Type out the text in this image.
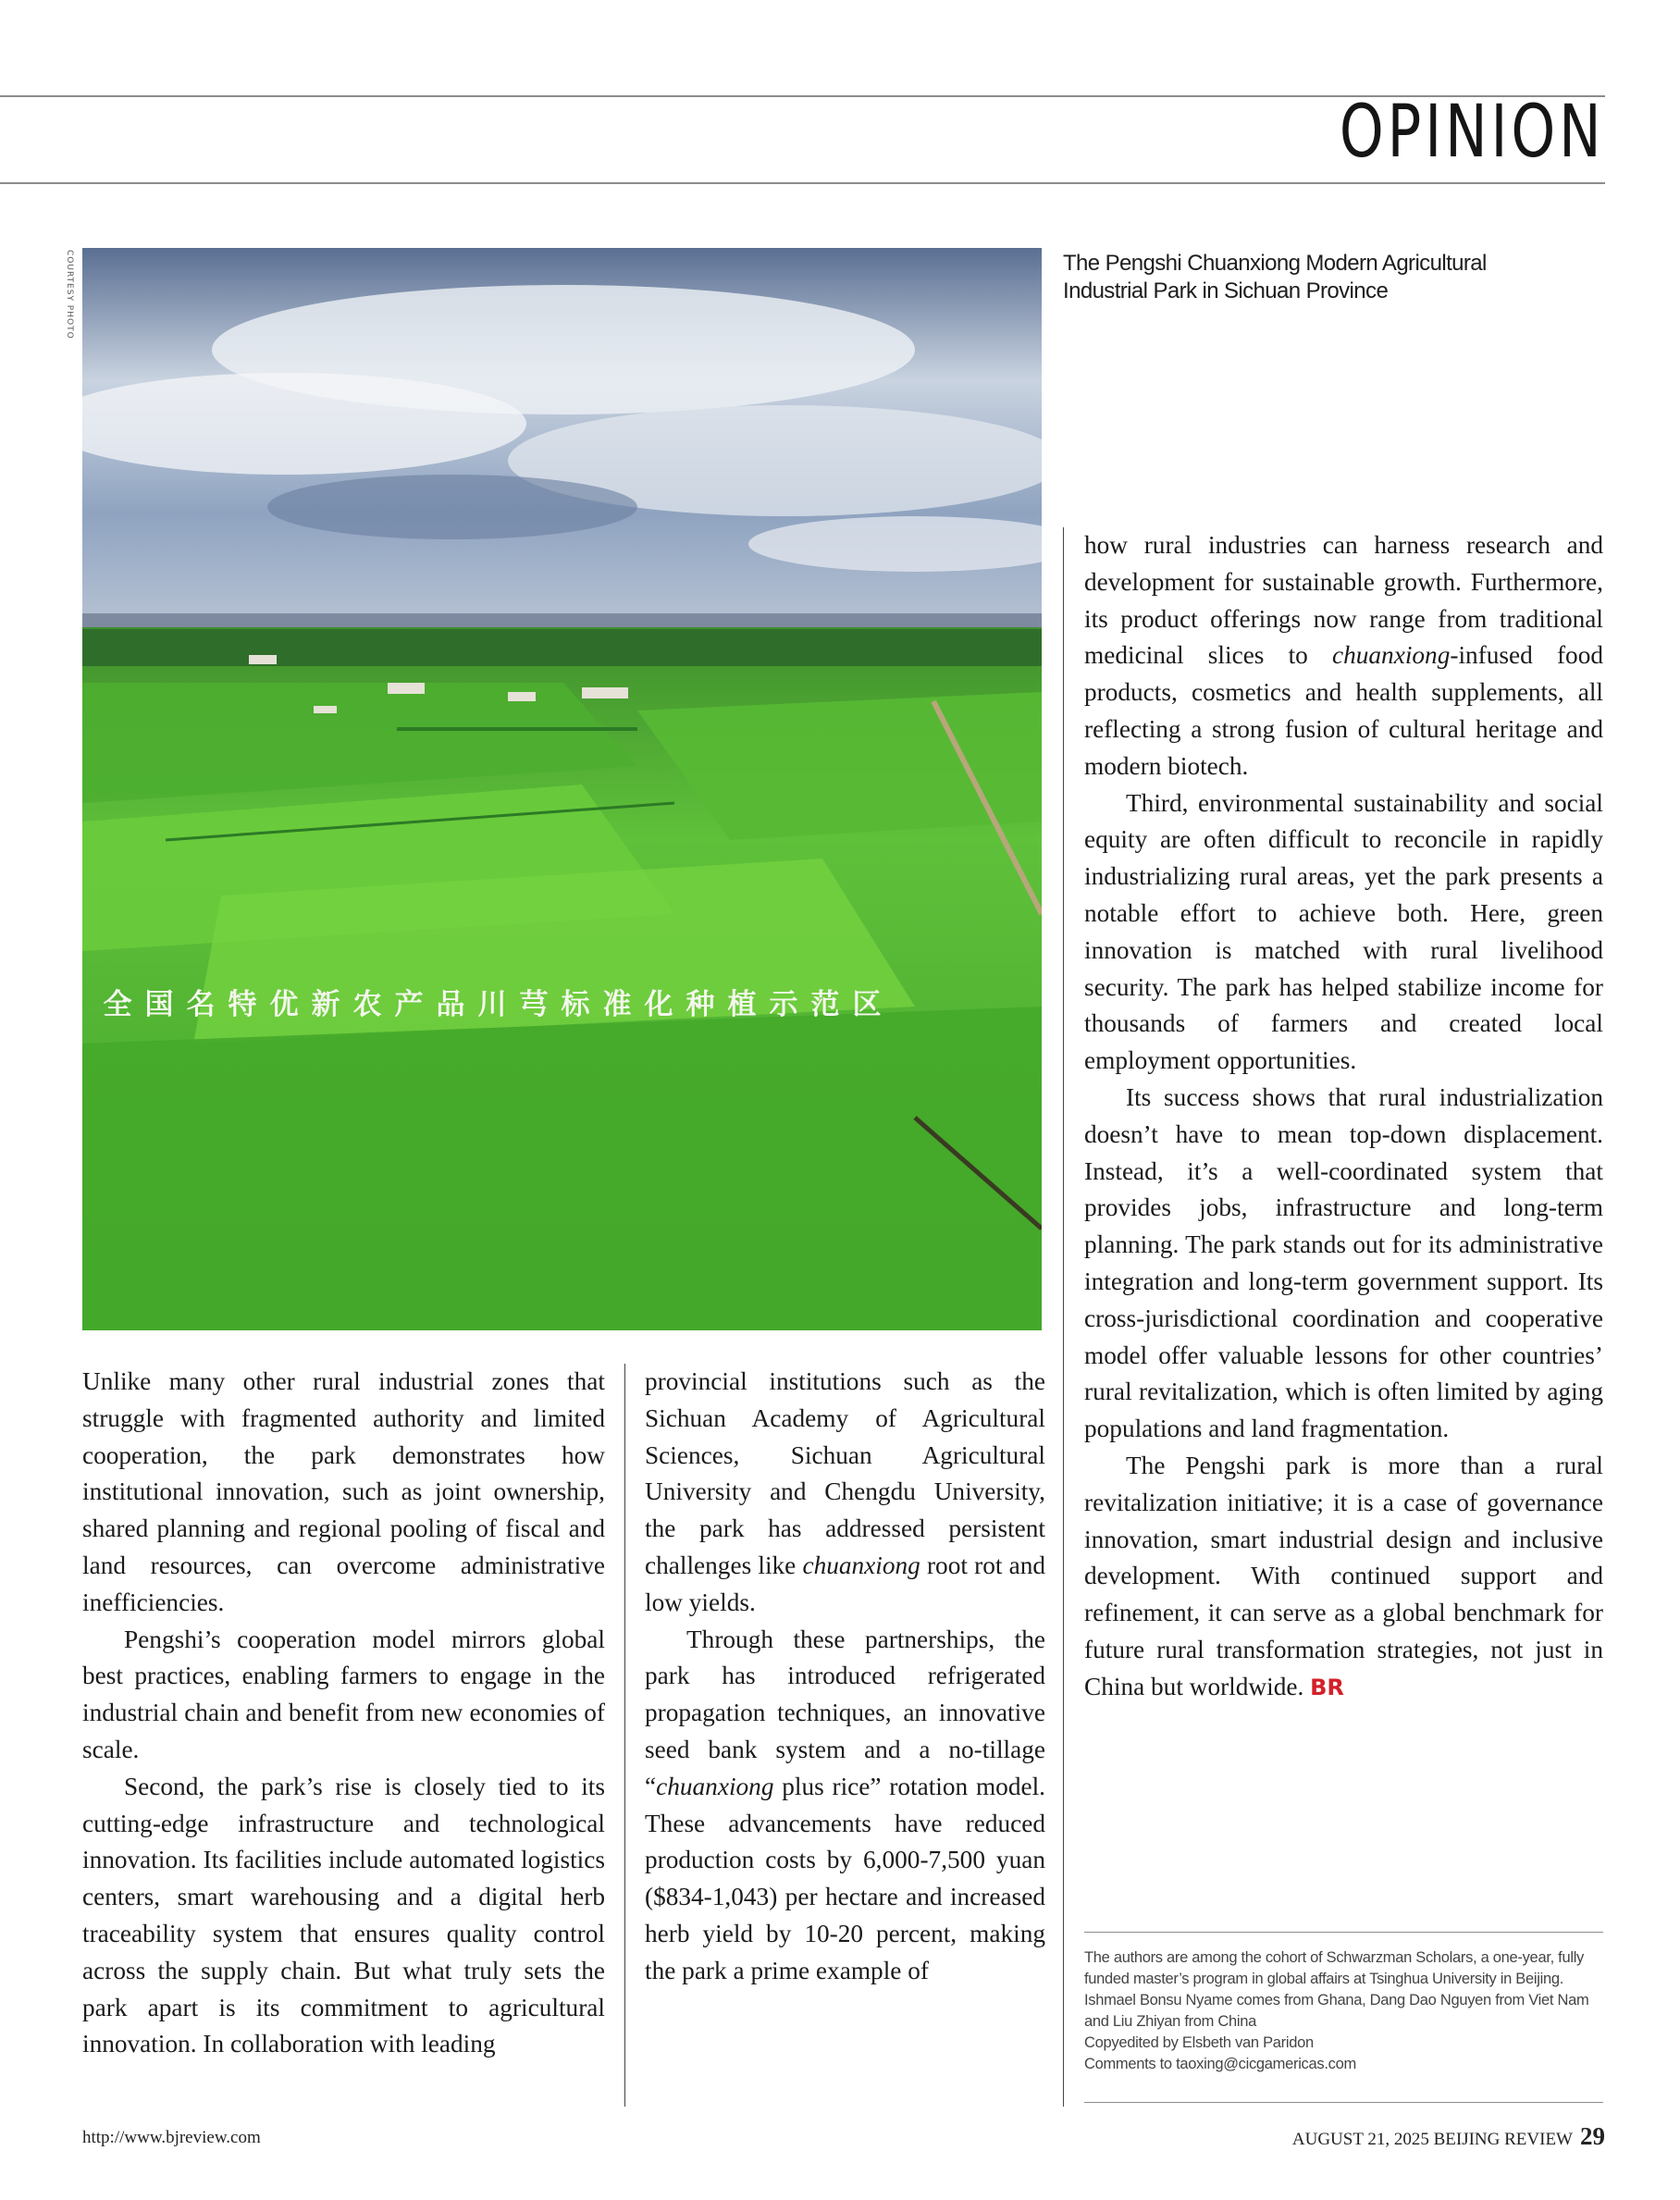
OPINION
COURTESY PHOTO
全国名特优新农产品川芎标准化种植示范区
The Pengshi Chuanxiong Modern Agricultural Industrial Park in Sichuan Province

Unlike many other rural industrial zones that struggle with fragmented authority and limited cooperation, the park demonstrates how institutional innovation, such as joint ownership, shared planning and regional pooling of fiscal and land resources, can overcome administrative inefficiencies.

Pengshi’s cooperation model mirrors global best practices, enabling farmers to engage in the industrial chain and benefit from new economies of scale.

Second, the park’s rise is closely tied to its cutting-edge infrastructure and technological innovation. Its facilities include automated logistics centers, smart warehousing and a digital herb traceability system that ensures quality control across the supply chain. But what truly sets the park apart is its commitment to agricultural innovation. In collaboration with leading

provincial institutions such as the Sichuan Academy of Agricultural Sciences, Sichuan Agricultural University and Chengdu University, the park has addressed persistent challenges like chuanxiong root rot and low yields.

Through these partnerships, the park has introduced refrigerated propagation techniques, an innovative seed bank system and a no-tillage “chuanxiong plus rice” rotation model. These advancements have reduced production costs by 6,000-7,500 yuan ($834-1,043) per hectare and increased herb yield by 10-20 percent, making the park a prime example of

how rural industries can harness research and development for sustainable growth. Furthermore, its product offerings now range from traditional medicinal slices to chuanxiong-infused food products, cosmetics and health supplements, all reflecting a strong fusion of cultural heritage and modern biotech.

Third, environmental sustainability and social equity are often difficult to reconcile in rapidly industrializing rural areas, yet the park presents a notable effort to achieve both. Here, green innovation is matched with rural livelihood security. The park has helped stabilize income for thousands of farmers and created local employment opportunities.

Its success shows that rural industrialization doesn’t have to mean top-down displacement. Instead, it’s a well-coordinated system that provides jobs, infrastructure and long-term planning. The park stands out for its administrative integration and long-term government support. Its cross-jurisdictional coordination and cooperative model offer valuable lessons for other countries’ rural revitalization, which is often limited by aging populations and land fragmentation.

The Pengshi park is more than a rural revitalization initiative; it is a case of governance innovation, smart industrial design and inclusive development. With continued support and refinement, it can serve as a global benchmark for future rural transformation strategies, not just in China but worldwide. BR

The authors are among the cohort of Schwarzman Scholars, a one-year, fully funded master’s program in global affairs at Tsinghua University in Beijing. Ishmael Bonsu Nyame comes from Ghana, Dang Dao Nguyen from Viet Nam and Liu Zhiyan from China

Copyedited by Elsbeth van Paridon

Comments to taoxing@cicgamericas.com

http://www.bjreview.com	AUGUST 21, 2025 BEIJING REVIEW 29
